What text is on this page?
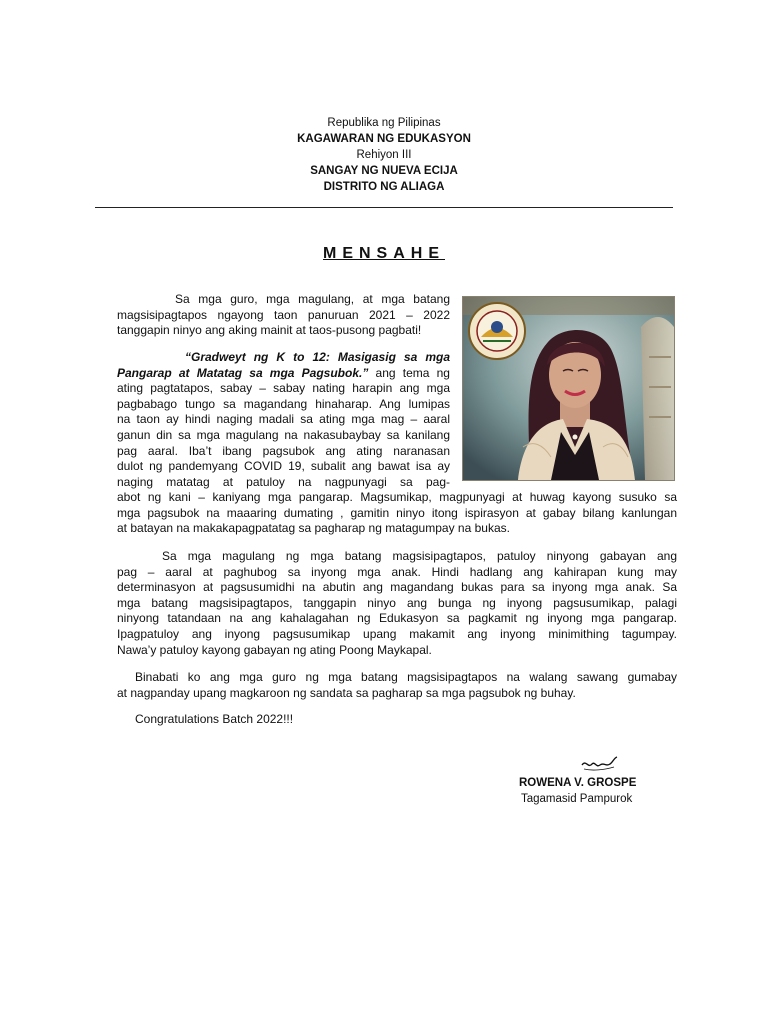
Republika ng Pilipinas
KAGAWARAN NG EDUKASYON
Rehiyon III
SANGAY NG NUEVA ECIJA
DISTRITO NG ALIAGA
MENSAHE
Sa mga guro, mga magulang, at mga batang
magsisipagtapos ngayong taon panuruan 2021 – 2022
tanggapin ninyo ang aking mainit at taos-pusong pagbati!
“Gradweyt ng K to 12: Masigasig sa mga
Pangarap at Matatag sa mga Pagsubok.” ang tema ng
ating pagtatapos, sabay – sabay nating harapin ang mga
pagbabago tungo sa magandang hinaharap. Ang lumipas
na taon ay hindi naging madali sa ating mga mag – aaral
ganun din sa mga magulang na nakasubaybay sa kanilang
pag aaral. Iba’t ibang pagsubok ang ating naranasan
dulot ng pandemyang COVID 19, subalit ang bawat isa ay
naging matatag at patuloy na nagpunyagi sa pag-
abot ng kani – kaniyang mga pangarap. Magsumikap, magpunyagi at huwag kayong susuko sa
mga pagsubok na maaaring dumating , gamitin ninyo itong ispirasyon at gabay bilang kanlungan
at batayan na makakapagpatatag sa pagharap ng matagumpay na bukas.
Sa mga magulang ng mga batang magsisipagtapos, patuloy ninyong gabayan ang
pag – aaral at paghubog sa inyong mga anak. Hindi hadlang ang kahirapan kung may
determinasyon at pagsusumidhi na abutin ang magandang bukas para sa inyong mga anak. Sa
mga batang magsisipagtapos, tanggapin ninyo ang bunga ng inyong pagsusumikap, palagi
ninyong tatandaan na ang kahalagahan ng Edukasyon sa pagkamit ng inyong mga pangarap.
Ipagpatuloy ang inyong pagsusumikap upang makamit ang inyong minimithing tagumpay.
Nawa’y patuloy kayong gabayan ng ating Poong Maykapal.
Binabati ko ang mga guro ng mga batang magsisipagtapos na walang sawang gumabay
at nagpanday upang magkaroon ng sandata sa pagharap sa mga pagsubok ng buhay.
Congratulations Batch 2022!!!
ROWENA V. GROSPE
Tagamasid Pampurok
